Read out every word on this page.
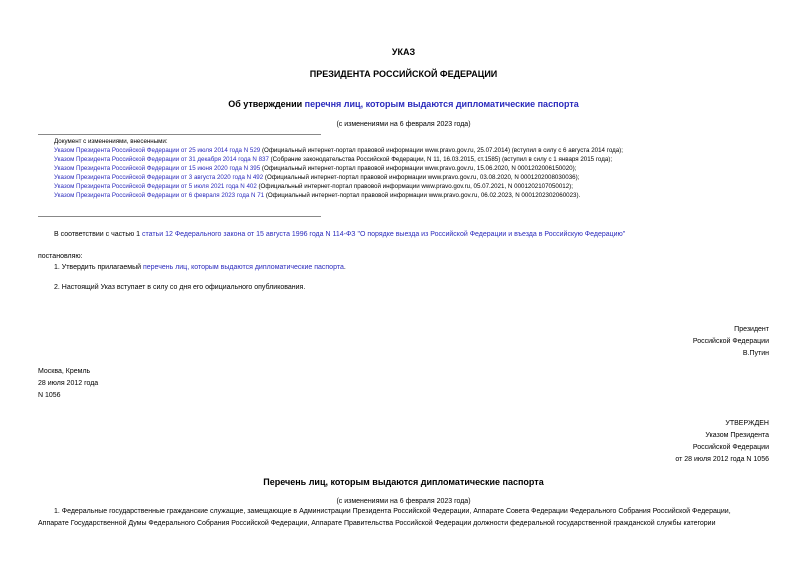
УКАЗ
ПРЕЗИДЕНТА РОССИЙСКОЙ ФЕДЕРАЦИИ
Об утверждении перечня лиц, которым выдаются дипломатические паспорта
(с изменениями на 6 февраля 2023 года)
Документ с изменениями, внесенными:
Указом Президента Российской Федерации от 25 июля 2014 года N 529 (Официальный интернет-портал правовой информации www.pravo.gov.ru, 25.07.2014) (вступил в силу с 6 августа 2014 года);
Указом Президента Российской Федерации от 31 декабря 2014 года N 837 (Собрание законодательства Российской Федерации, N 11, 16.03.2015, ст.1585) (вступил в силу с 1 января 2015 года);
Указом Президента Российской Федерации от 15 июня 2020 года N 395 (Официальный интернет-портал правовой информации www.pravo.gov.ru, 15.06.2020, N 0001202006150020);
Указом Президента Российской Федерации от 3 августа 2020 года N 492 (Официальный интернет-портал правовой информации www.pravo.gov.ru, 03.08.2020, N 0001202008030036);
Указом Президента Российской Федерации от 5 июля 2021 года N 402 (Официальный интернет-портал правовой информации www.pravo.gov.ru, 05.07.2021, N 0001202107050012);
Указом Президента Российской Федерации от 6 февраля 2023 года N 71 (Официальный интернет-портал правовой информации www.pravo.gov.ru, 06.02.2023, N 0001202302060023).
В соответствии с частью 1 статьи 12 Федерального закона от 15 августа 1996 года N 114-ФЗ "О порядке выезда из Российской Федерации и въезда в Российскую Федерацию"
постановляю:
1. Утвердить прилагаемый перечень лиц, которым выдаются дипломатические паспорта.
2. Настоящий Указ вступает в силу со дня его официального опубликования.
Президент
Российской Федерации
В.Путин
Москва, Кремль
28 июля 2012 года
N 1056
УТВЕРЖДЕН
Указом Президента
Российской Федерации
от 28 июля 2012 года N 1056
Перечень лиц, которым выдаются дипломатические паспорта
(с изменениями на 6 февраля 2023 года)
1. Федеральные государственные гражданские служащие, замещающие в Администрации Президента Российской Федерации, Аппарате Совета Федерации Федерального Собрания Российской Федерации,
Аппарате Государственной Думы Федерального Собрания Российской Федерации, Аппарате Правительства Российской Федерации должности федеральной государственной гражданской службы категории
